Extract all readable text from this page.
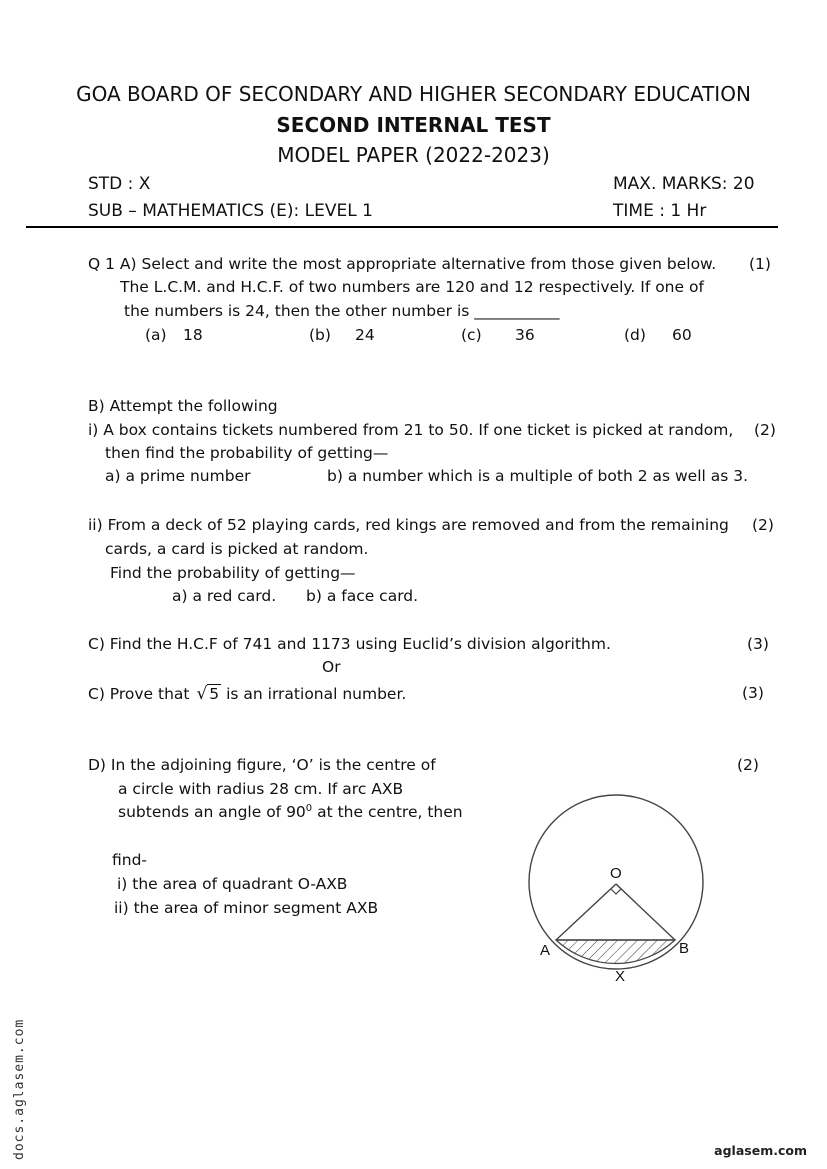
GOA BOARD OF SECONDARY AND HIGHER SECONDARY EDUCATION
SECOND INTERNAL TEST
MODEL PAPER (2022-2023)
STD : X	MAX. MARKS: 20
SUB – MATHEMATICS (E): LEVEL 1	TIME : 1 Hr
Q 1 A) Select and write the most appropriate alternative from those given below. (1)
The L.C.M. and H.C.F. of two numbers are 120 and 12 respectively. If one of
the numbers is 24, then the other number is ___________
(a) 18	(b) 24	(c) 36	(d) 60
B) Attempt the following
i) A box contains tickets numbered from 21 to 50. If one ticket is picked at random, (2)
then find the probability of getting—
a) a prime number	b) a number which is a multiple of both 2 as well as 3.
ii) From a deck of 52 playing cards, red kings are removed and from the remaining (2)
cards, a card is picked at random.
Find the probability of getting—
a) a red card. b) a face card.
C) Find the H.C.F of 741 and 1173 using Euclid’s division algorithm.	(3)
Or
C) Prove that √ 5 is an irrational number.	(3)
D) In the adjoining figure, ‘O’ is the centre of	(2)
a circle with radius 28 cm. If arc AXB
subtends an angle of $90^0$ at the centre, then
find-
i) the area of quadrant O-AXB
ii) the area of minor segment AXB
O
A	B
X
docs.aglasem.com	aglasem.com
